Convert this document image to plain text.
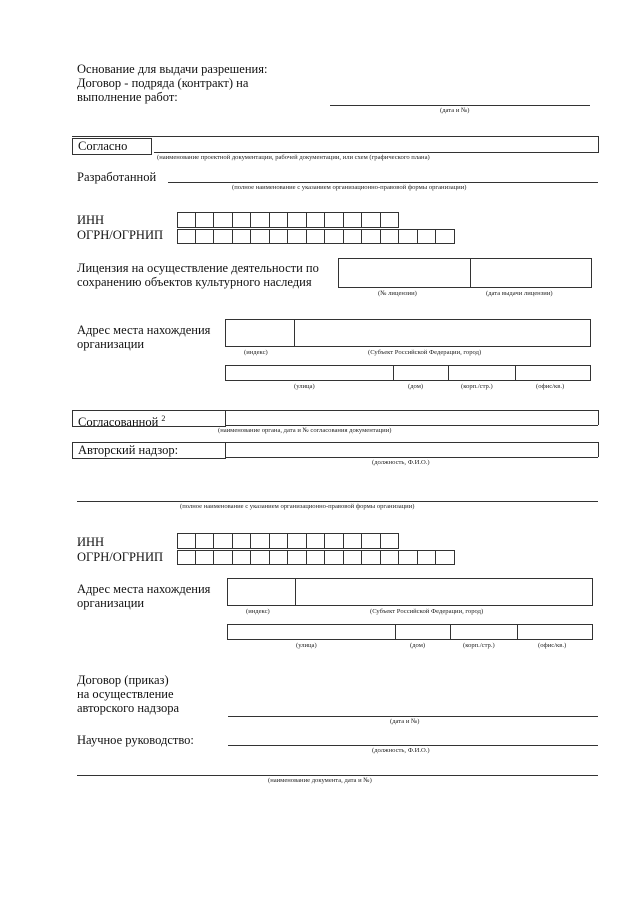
Основание для выдачи разрешения:
Договор - подряда (контракт) на
выполнение работ:
(дата и №)
Согласно
(наименование проектной документации, рабочей документации, или схем (графического плана)
Разработанной
(полное наименование с указанием организационно-правовой формы организации)
ИНН
ОГРН/ОГРНИП
Лицензия на осуществление деятельности по
сохранению объектов культурного наследия
(№ лицензии)	(дата выдачи лицензии)
Адрес места нахождения
организации
(индекс)	(Субъект Российской Федерации, город)
(улица)	(дом)	(корп./стр.)	(офис/кв.)
Согласованной $^2$
(наименование органа, дата и № согласования документации)
Авторский надзор:
(должность, Ф.И.О.)
(полное наименование с указанием организационно-правовой формы организации)
ИНН
ОГРН/ОГРНИП
Адрес места нахождения
организации
(индекс)	(Субъект Российской Федерации, город)
(улица)	(дом)	(корп./стр.)	(офис/кв.)
Договор (приказ)
на осуществление
авторского надзора
(дата и №)
Научное руководство:
(должность, Ф.И.О.)
(наименование документа, дата и №)
